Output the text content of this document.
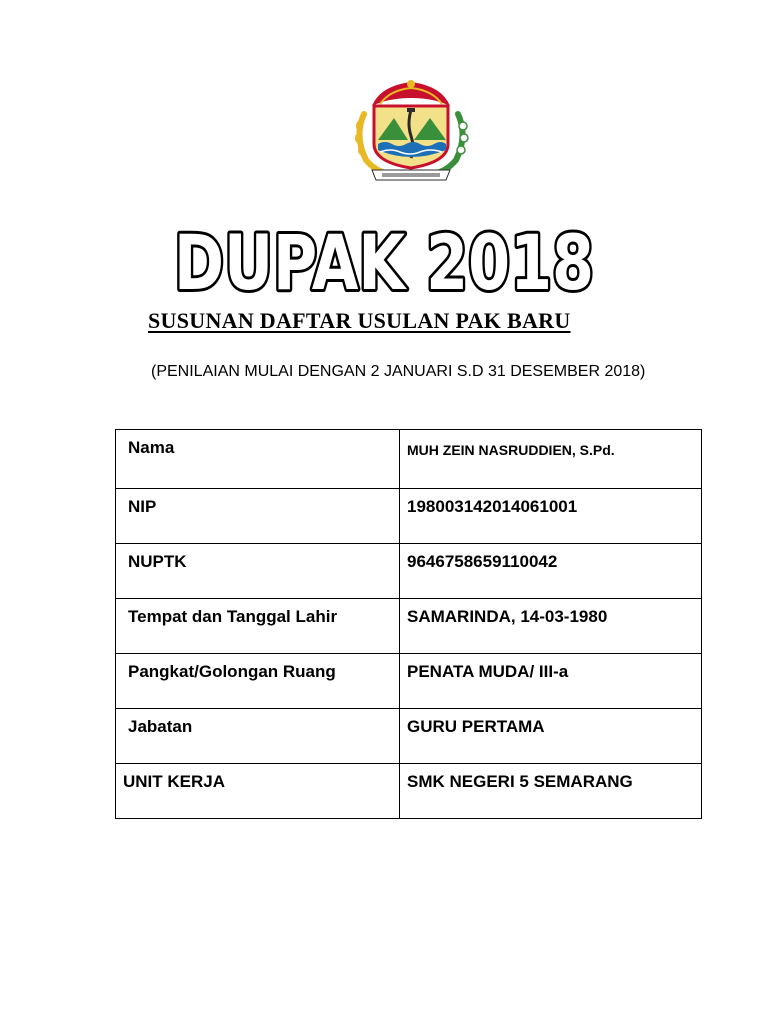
DUPAK 2018
SUSUNAN DAFTAR USULAN PAK BARU
(PENILAIAN MULAI DENGAN 2 JANUARI S.D 31 DESEMBER 2018)
Nama	MUH ZEIN NASRUDDIEN, S.Pd.
NIP	198003142014061001
NUPTK	9646758659110042
Tempat dan Tanggal Lahir	SAMARINDA, 14-03-1980
Pangkat/Golongan Ruang	PENATA MUDA/ III-a
Jabatan	GURU PERTAMA
UNIT KERJA	SMK NEGERI 5 SEMARANG
